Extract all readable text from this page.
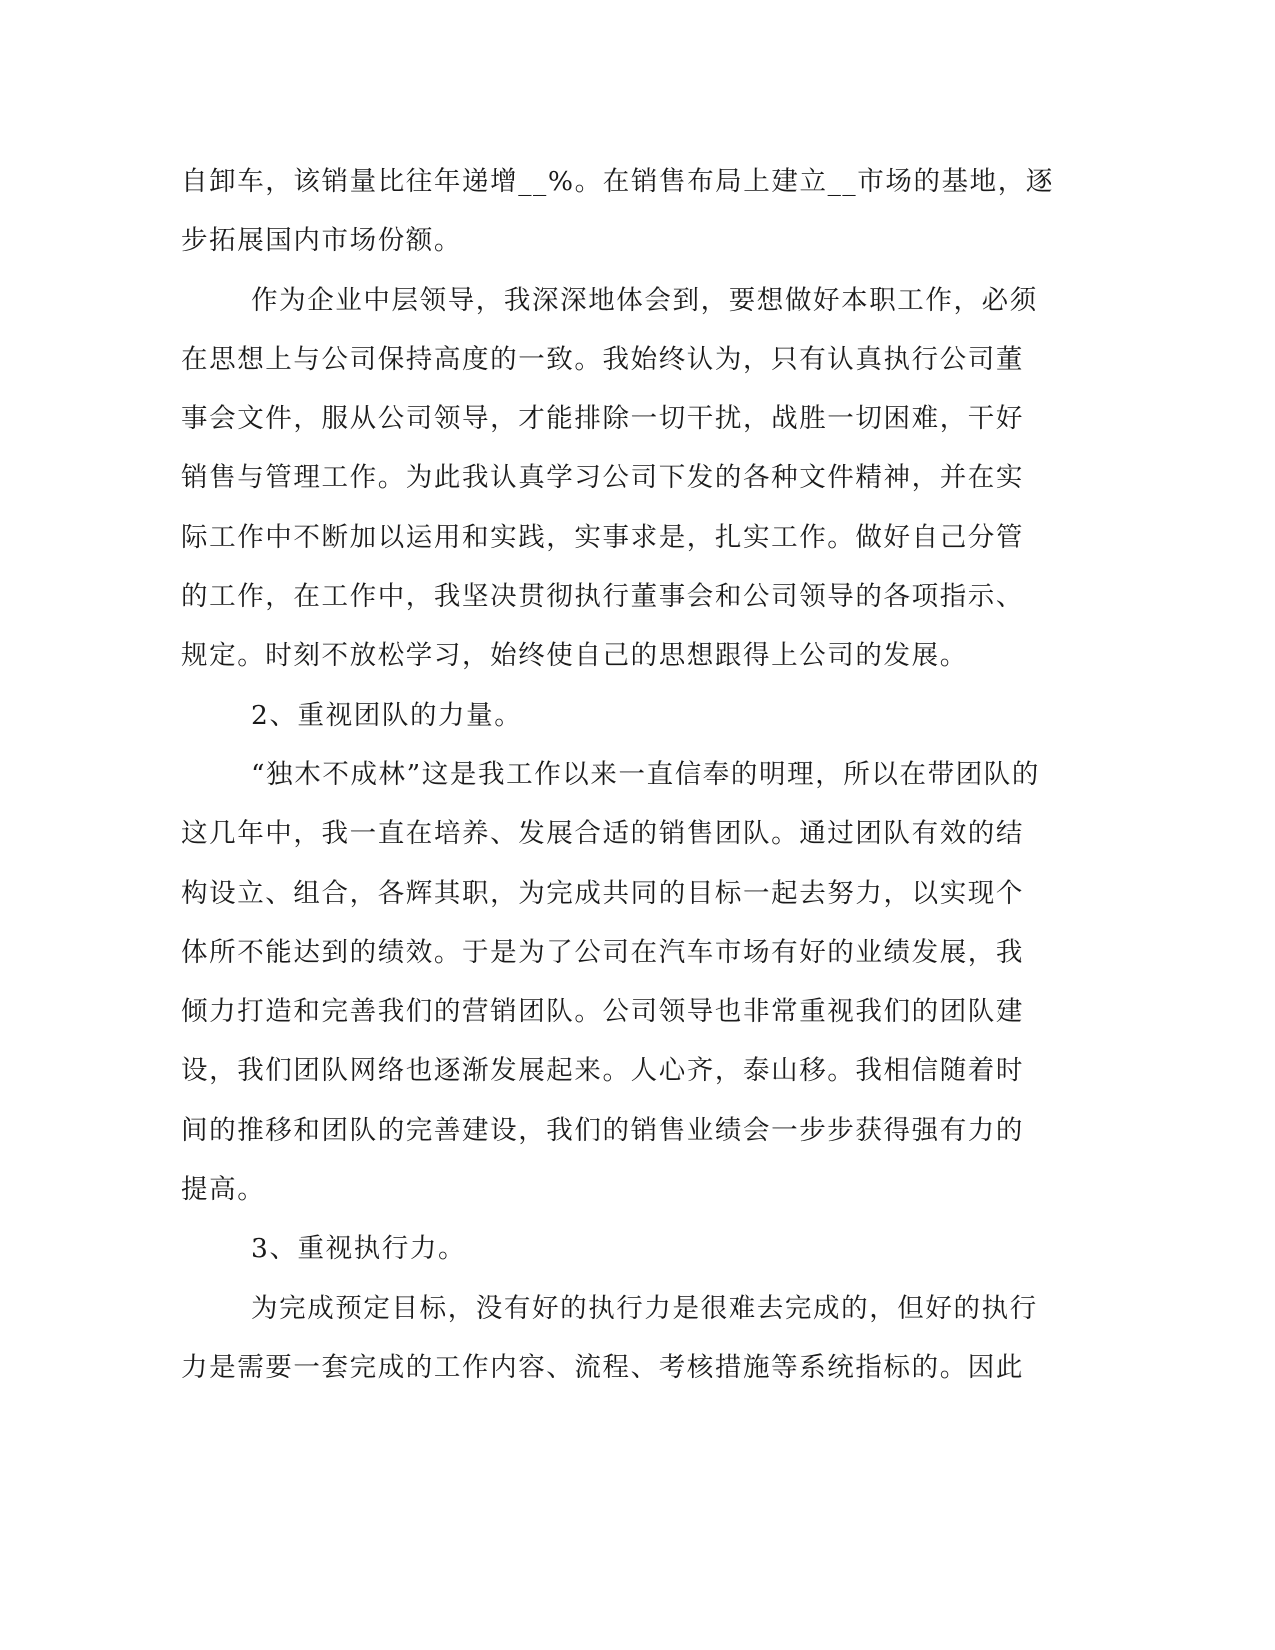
自卸车，该销量比往年递增__%。在销售布局上建立__市场的基地，逐
步拓展国内市场份额。
作为企业中层领导，我深深地体会到，要想做好本职工作，必须
在思想上与公司保持高度的一致。我始终认为，只有认真执行公司董
事会文件，服从公司领导，才能排除一切干扰，战胜一切困难，干好
销售与管理工作。为此我认真学习公司下发的各种文件精神，并在实
际工作中不断加以运用和实践，实事求是，扎实工作。做好自己分管
的工作，在工作中，我坚决贯彻执行董事会和公司领导的各项指示、
规定。时刻不放松学习，始终使自己的思想跟得上公司的发展。
2、重视团队的力量。
“独木不成林”这是我工作以来一直信奉的明理，所以在带团队的
这几年中，我一直在培养、发展合适的销售团队。通过团队有效的结
构设立、组合，各辉其职，为完成共同的目标一起去努力，以实现个
体所不能达到的绩效。于是为了公司在汽车市场有好的业绩发展，我
倾力打造和完善我们的营销团队。公司领导也非常重视我们的团队建
设，我们团队网络也逐渐发展起来。人心齐，泰山移。我相信随着时
间的推移和团队的完善建设，我们的销售业绩会一步步获得强有力的
提高。
3、重视执行力。
为完成预定目标，没有好的执行力是很难去完成的，但好的执行
力是需要一套完成的工作内容、流程、考核措施等系统指标的。因此
